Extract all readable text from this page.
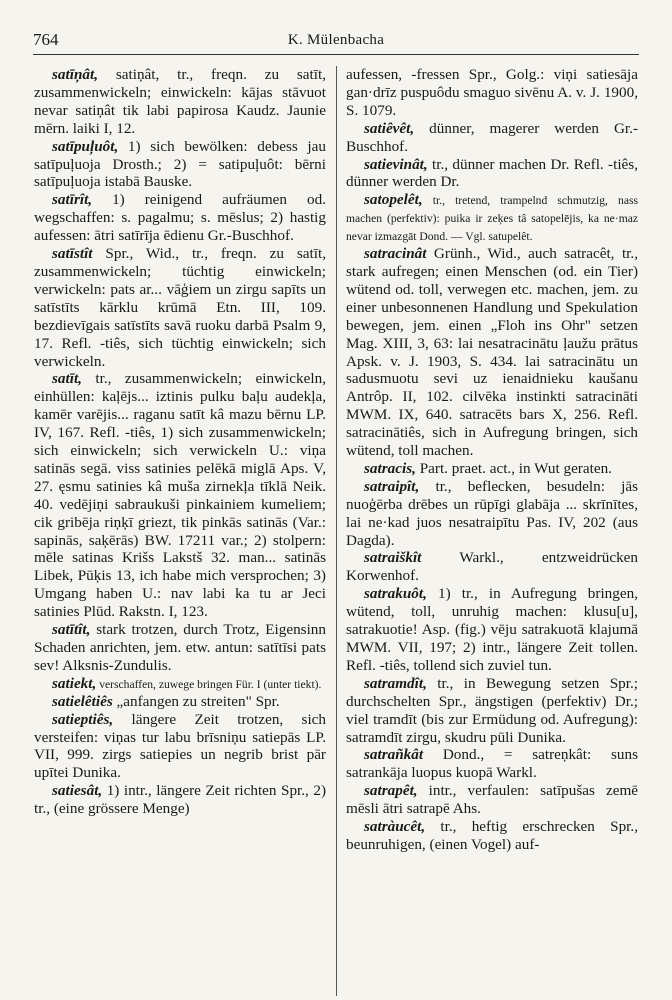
764	K. Mülenbacha

satīņât, satiņât, tr., freqn. zu satīt, zusammenwickeln; einwickeln: kājas stāvuot nevar satiņât tik labi papirosa Kaudz. Jaunie mērn. laiki I, 12.

satīpuļuôt, 1) sich bewölken: debess jau satīpuļuoja Drosth.; 2) = satipuļuôt: bērni satīpuļuoja istabā Bauske.

satīrît, 1) reinigend aufräumen od. wegschaffen: s. pagalmu; s. mēslus; 2) hastig aufessen: ātri satīrīja ēdienu Gr.-Buschhof.

satīstît Spr., Wid., tr., freqn. zu satīt, zusammenwickeln; tüchtig einwickeln; verwickeln: pats ar... vāģiem un zirgu sapīts un satīstīts kārklu krūmā Etn. III, 109. bezdievīgais satīstīts savā ruoku darbā Psalm 9, 17. Refl. -tiês, sich tüchtig einwickeln; sich verwickeln.

satīt, tr., zusammenwickeln; einwickeln, einhüllen: kaļējs... iztinis pulku baļu audekļa, kamēr varējis... raganu satīt kâ mazu bērnu LP. IV, 167. Refl. -tiês, 1) sich zusammenwickeln; sich einwickeln; sich verwickeln U.: viņa satinās segā. viss satinies pelēkā miglā Aps. V, 27. ęsmu satinies kâ muša zirnekļa tīklā Neik. 40. vedējiņi sabraukuši pinkainiem kumeliem; cik gribēja riņķī griezt, tik pinkās satinās (Var.: sapinās, saķērās) BW. 17211 var.; 2) stolpern: mēle satinas Krišs Lakstš 32. man... satinās Libek, Pūķis 13, ich habe mich versprochen; 3) Umgang haben U.: nav labi ka tu ar Jeci satinies Plūd. Rakstn. I, 123.

satītît, stark trotzen, durch Trotz, Eigensinn Schaden anrichten, jem. etw. antun: satītīsi pats sev! Alksnis-Zundulis.

satiekt, verschaffen, zuwege bringen Für. I (unter tiekt).

satielêtiês „anfangen zu streiten" Spr.

satieptiês, längere Zeit trotzen, sich versteifen: viņas tur labu brīsniņu satiepās LP. VII, 999. zirgs satiepies un negrib brist pār upītei Dunika.

satiesât, 1) intr., längere Zeit richten Spr., 2) tr., (eine grössere Menge)

aufessen, -fressen Spr., Golg.: viņi satiesāja gan·drīz puspuôdu smaguo sivēnu A. v. J. 1900, S. 1079.

satiêvêt, dünner, magerer werden Gr.-Buschhof.

satievinât, tr., dünner machen Dr. Refl. -tiês, dünner werden Dr.

satopelêt, tr., tretend, trampelnd schmutzig, nass machen (perfektiv): puika ir zeķes tâ satopelējis, ka ne·maz nevar izmazgāt Dond. — Vgl. satupelêt.

satracinât Grünh., Wid., auch satracêt, tr., stark aufregen; einen Menschen (od. ein Tier) wütend od. toll, verwegen etc. machen, jem. zu einer unbesonnenen Handlung und Spekulation bewegen, jem. einen „Floh ins Ohr" setzen Mag. XIII, 3, 63: lai nesatracinātu ļaužu prātus Apsk. v. J. 1903, S. 434. lai satracinātu un sadusmuotu sevi uz ienaidnieku kaušanu Antrôp. II, 102. cilvēka instinkti satracināti MWM. IX, 640. satracēts bars X, 256. Refl. satracinātiês, sich in Aufregung bringen, sich wütend, toll machen.

satracis, Part. praet. act., in Wut geraten.

satraipît, tr., beflecken, besudeln: jās nuoģērba drēbes un rūpīgi glabāja ... skrīnītes, lai ne·kad juos nesatraipītu Pas. IV, 202 (aus Dagda).

satraiškît Warkl., entzweidrücken Korwenhof.

satrakuôt, 1) tr., in Aufregung bringen, wütend, toll, unruhig machen: klusu[u], satrakuotie! Asp. (fig.) vēju satrakuotā klajumā MWM. VII, 197; 2) intr., längere Zeit tollen. Refl. -tiês, tollend sich zuviel tun.

satramdît, tr., in Bewegung setzen Spr.; durchschelten Spr., ängstigen (perfektiv) Dr.; viel tramdīt (bis zur Ermüdung od. Aufregung): satramdīt zirgu, skudru pūli Dunika.

satrañkât Dond., = satreņkât: suns satrankāja luopus kuopā Warkl.

satrapêt, intr., verfaulen: satīpušas zemē mēsli ātri satrapē Ahs.

satràucêt, tr., heftig erschrecken Spr., beunruhigen, (einen Vogel) auf-
